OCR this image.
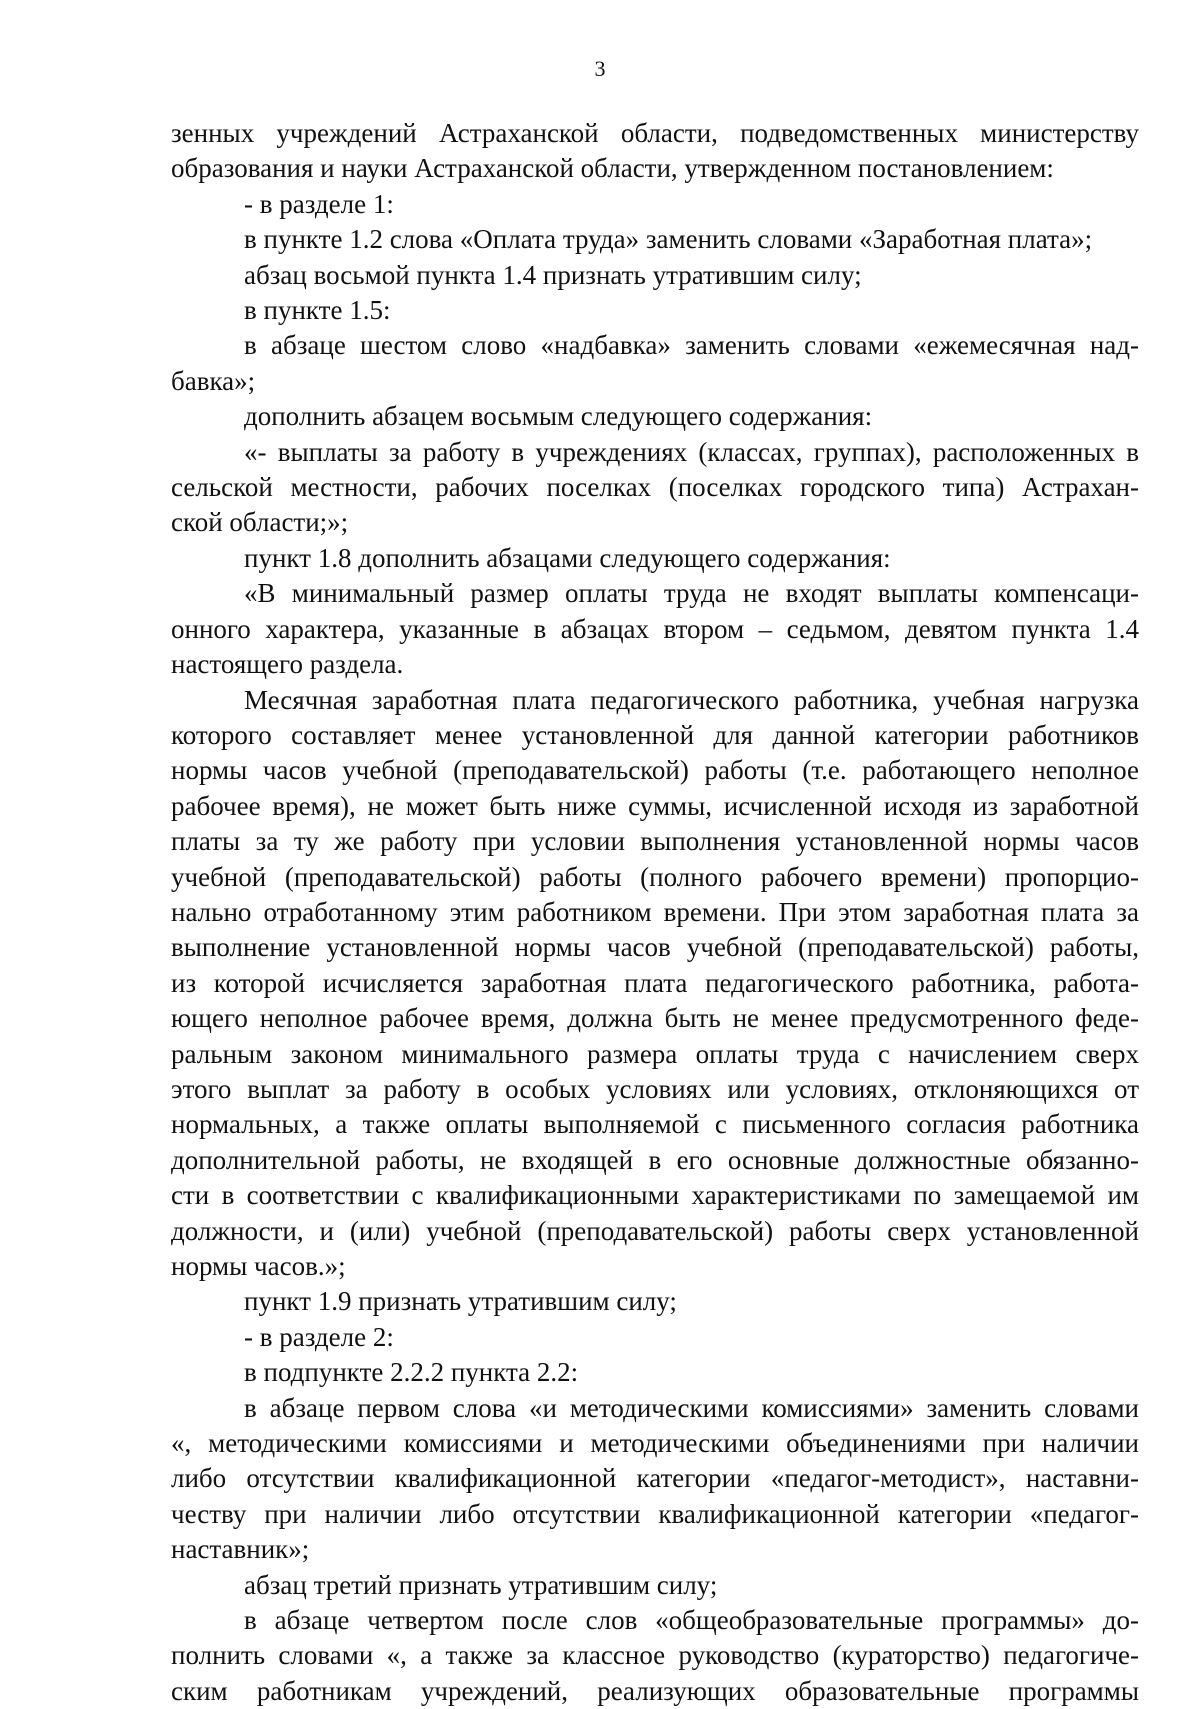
3
зенных учреждений Астраханской области, подведомственных министерству
образования и науки Астраханской области, утвержденном постановлением:
- в разделе 1:
в пункте 1.2 слова «Оплата труда» заменить словами «Заработная плата»;
абзац восьмой пункта 1.4 признать утратившим силу;
в пункте 1.5:
в абзаце шестом слово «надбавка» заменить словами «ежемесячная над-
бавка»;
дополнить абзацем восьмым следующего содержания:
«- выплаты за работу в учреждениях (классах, группах), расположенных в
сельской местности, рабочих поселках (поселках городского типа) Астрахан-
ской области;»;
пункт 1.8 дополнить абзацами следующего содержания:
«В минимальный размер оплаты труда не входят выплаты компенсаци-
онного характера, указанные в абзацах втором – седьмом, девятом пункта 1.4
настоящего раздела.
Месячная заработная плата педагогического работника, учебная нагрузка
которого составляет менее установленной для данной категории работников
нормы часов учебной (преподавательской) работы (т.е. работающего неполное
рабочее время), не может быть ниже суммы, исчисленной исходя из заработной
платы за ту же работу при условии выполнения установленной нормы часов
учебной (преподавательской) работы (полного рабочего времени) пропорцио-
нально отработанному этим работником времени. При этом заработная плата за
выполнение установленной нормы часов учебной (преподавательской) работы,
из которой исчисляется заработная плата педагогического работника, работа-
ющего неполное рабочее время, должна быть не менее предусмотренного феде-
ральным законом минимального размера оплаты труда с начислением сверх
этого выплат за работу в особых условиях или условиях, отклоняющихся от
нормальных, а также оплаты выполняемой с письменного согласия работника
дополнительной работы, не входящей в его основные должностные обязанно-
сти в соответствии с квалификационными характеристиками по замещаемой им
должности, и (или) учебной (преподавательской) работы сверх установленной
нормы часов.»;
пункт 1.9 признать утратившим силу;
- в разделе 2:
в подпункте 2.2.2 пункта 2.2:
в абзаце первом слова «и методическими комиссиями» заменить словами
«, методическими комиссиями и методическими объединениями при наличии
либо отсутствии квалификационной категории «педагог-методист», наставни-
честву при наличии либо отсутствии квалификационной категории «педагог-
наставник»;
абзац третий признать утратившим силу;
в абзаце четвертом после слов «общеобразовательные программы» до-
полнить словами «, а также за классное руководство (кураторство) педагогиче-
ским работникам учреждений, реализующих образовательные программы
